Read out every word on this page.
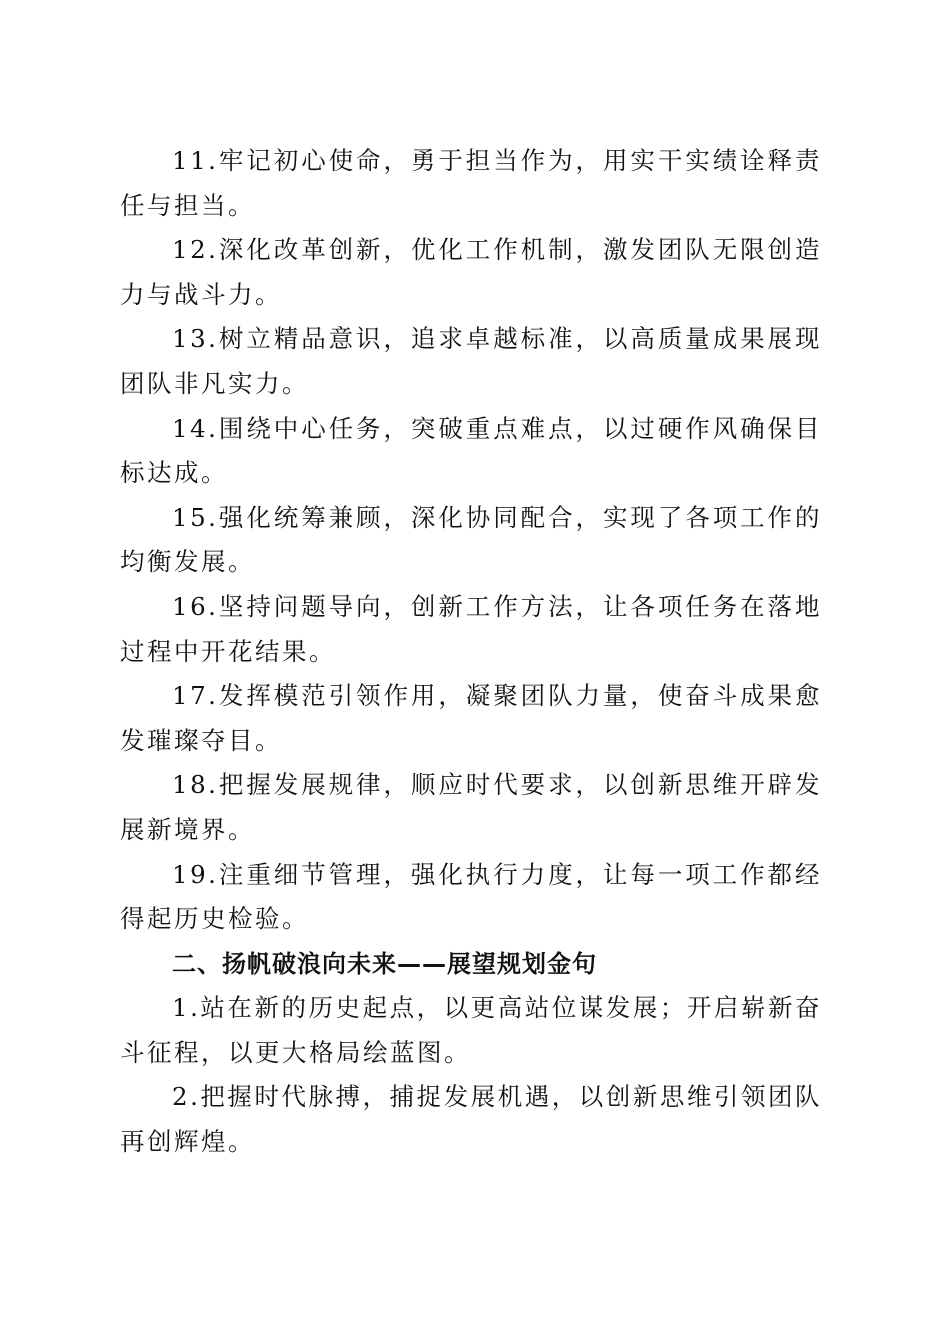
11.牢记初心使命，勇于担当作为，用实干实绩诠释责任与担当。

12.深化改革创新，优化工作机制，激发团队无限创造力与战斗力。

13.树立精品意识，追求卓越标准，以高质量成果展现团队非凡实力。

14.围绕中心任务，突破重点难点，以过硬作风确保目标达成。

15.强化统筹兼顾，深化协同配合，实现了各项工作的均衡发展。

16.坚持问题导向，创新工作方法，让各项任务在落地过程中开花结果。

17.发挥模范引领作用，凝聚团队力量，使奋斗成果愈发璀璨夺目。

18.把握发展规律，顺应时代要求，以创新思维开辟发展新境界。

19.注重细节管理，强化执行力度，让每一项工作都经得起历史检验。

二、扬帆破浪向未来——展望规划金句

1.站在新的历史起点，以更高站位谋发展；开启崭新奋斗征程，以更大格局绘蓝图。

2.把握时代脉搏，捕捉发展机遇，以创新思维引领团队再创辉煌。
